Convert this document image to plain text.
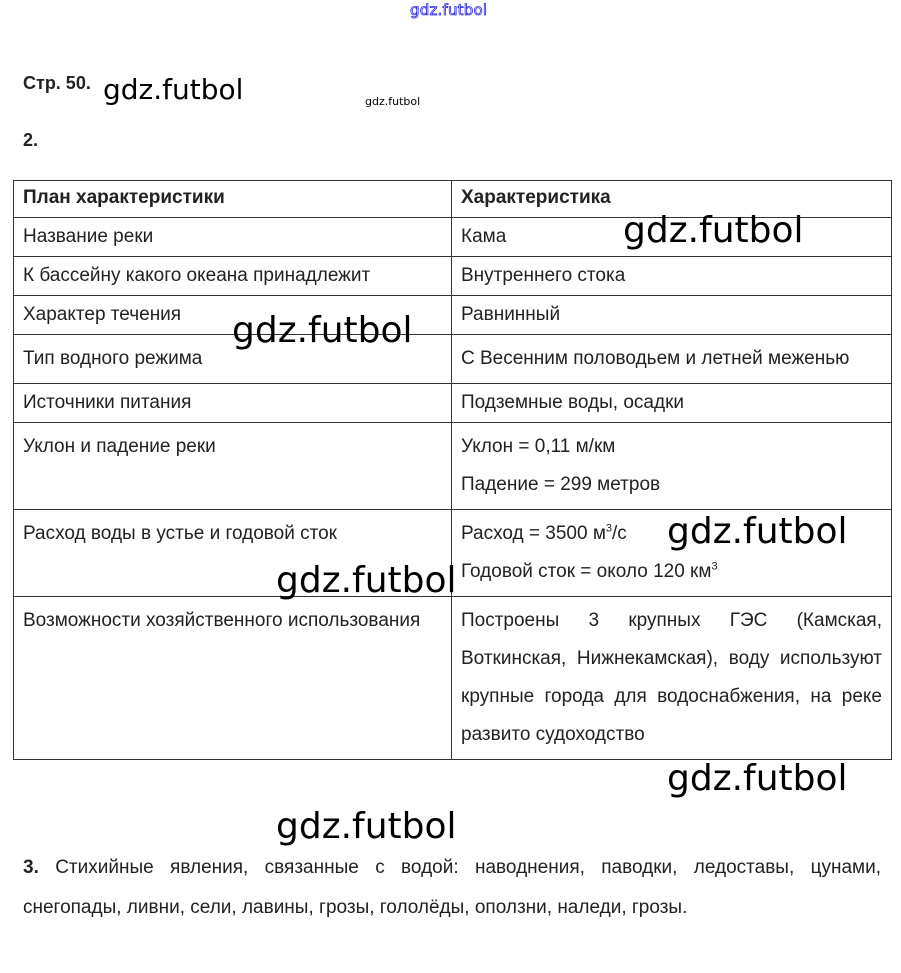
gdz.futbol
Стр. 50.
2.
План характеристики	Характеристика
Название реки	Кама
К бассейну какого океана принадлежит	Внутреннего стока
Характер течения	Равнинный
Тип водного режима	С Весенним половодьем и летней меженью
Источники питания	Подземные воды, осадки
Уклон и падение реки	Уклон = 0,11 м/км
Падение = 299 метров

Расход воды в устье и годовой сток	Расход = 3500 $м^3/с$
Годовой сток = около 120 $км^3$

Возможности хозяйственного использования	Построены 3 крупных ГЭС (Камская, Воткинская, Нижнекамская), воду используют крупные города для водоснабжения, на реке развито судоходство
3. Стихийные явления, связанные с водой: наводнения, паводки, ледоставы, цунами, снегопады, ливни, сели, лавины, грозы, гололёды, оползни, наледи, грозы.
gdz.futbol	gdz.futbol
gdz.futbol
gdz.futbol
gdz.futbol
gdz.futbol
gdz.futbol
gdz.futbol
